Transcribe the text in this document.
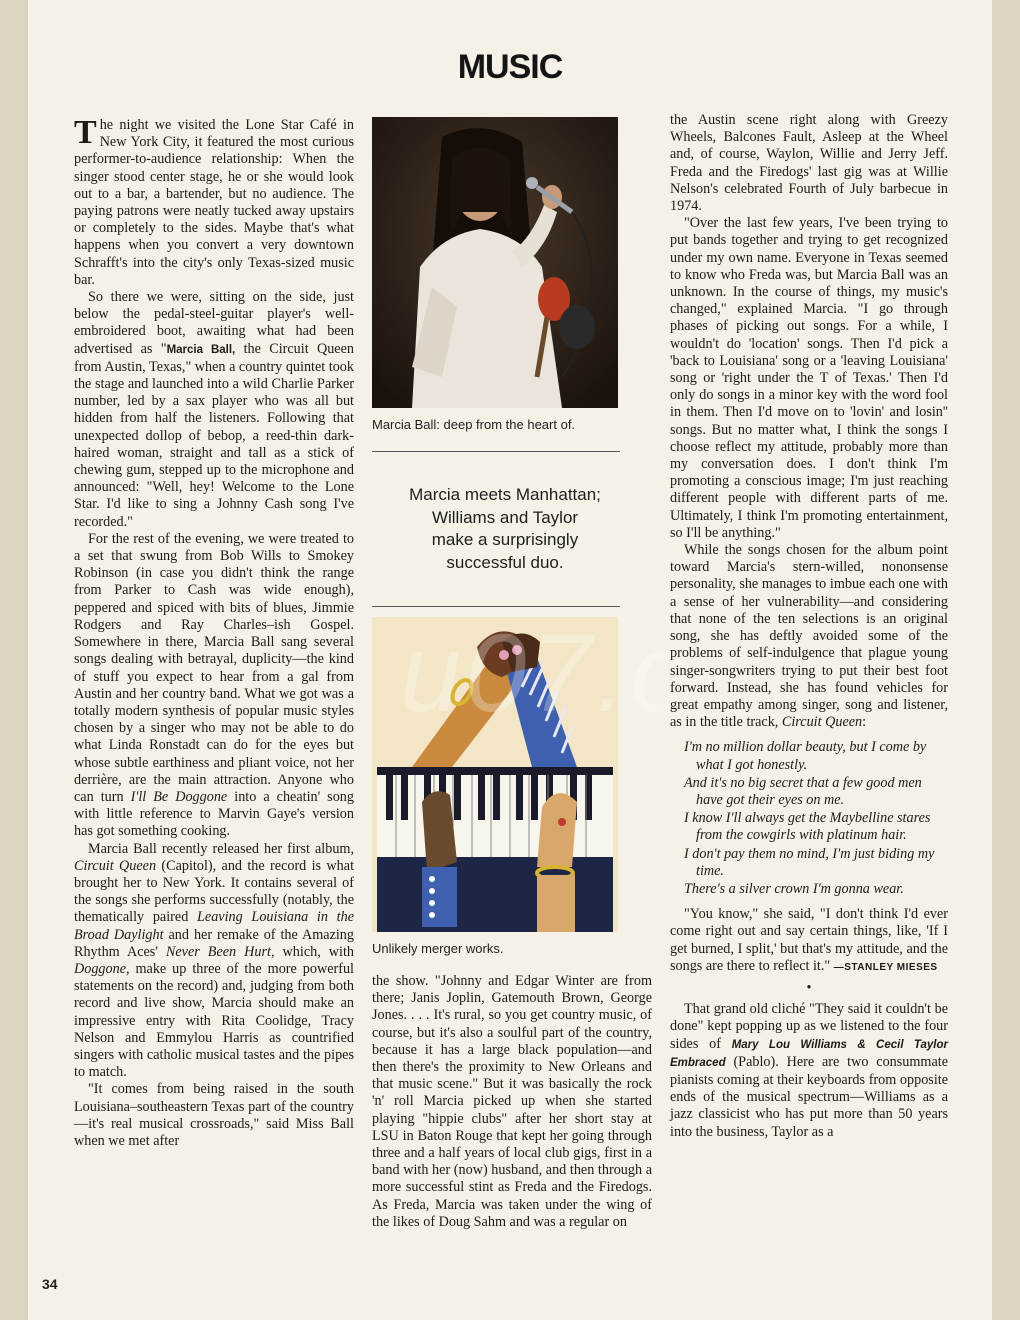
MUSIC

The night we visited the Lone Star Café in New York City, it featured the most curious performer-to-audience relationship: When the singer stood center stage, he or she would look out to a bar, a bartender, but no audience. The paying patrons were neatly tucked away upstairs or completely to the sides. Maybe that's what happens when you convert a very downtown Schrafft's into the city's only Texas-sized music bar.

So there we were, sitting on the side, just below the pedal-steel-guitar player's well-embroidered boot, awaiting what had been advertised as "Marcia Ball, the Circuit Queen from Austin, Texas," when a country quintet took the stage and launched into a wild Charlie Parker number, led by a sax player who was all but hidden from half the listeners. Following that unexpected dollop of bebop, a reed-thin dark-haired woman, straight and tall as a stick of chewing gum, stepped up to the microphone and announced: "Well, hey! Welcome to the Lone Star. I'd like to sing a Johnny Cash song I've recorded."

For the rest of the evening, we were treated to a set that swung from Bob Wills to Smokey Robinson (in case you didn't think the range from Parker to Cash was wide enough), peppered and spiced with bits of blues, Jimmie Rodgers and Ray Charles–ish Gospel. Somewhere in there, Marcia Ball sang several songs dealing with betrayal, duplicity—the kind of stuff you expect to hear from a gal from Austin and her country band. What we got was a totally modern synthesis of popular music styles chosen by a singer who may not be able to do what Linda Ronstadt can do for the eyes but whose subtle earthiness and pliant voice, not her derrière, are the main attraction. Anyone who can turn I'll Be Doggone into a cheatin' song with little reference to Marvin Gaye's version has got something cooking.

Marcia Ball recently released her first album, Circuit Queen (Capitol), and the record is what brought her to New York. It contains several of the songs she performs successfully (notably, the thematically paired Leaving Louisiana in the Broad Daylight and her remake of the Amazing Rhythm Aces' Never Been Hurt, which, with Doggone, make up three of the more powerful statements on the record) and, judging from both record and live show, Marcia should make an impressive entry with Rita Coolidge, Tracy Nelson and Emmylou Harris as countrified singers with catholic musical tastes and the pipes to match.

"It comes from being raised in the south Louisiana–southeastern Texas part of the country—it's real musical crossroads," said Miss Ball when we met after

Marcia Ball: deep from the heart of.
Marcia meets Manhattan;
Williams and Taylor
make a surprisingly
successful duo.
Unlikely merger works.
u07.c

the show. "Johnny and Edgar Winter are from there; Janis Joplin, Gatemouth Brown, George Jones. . . . It's rural, so you get country music, of course, but it's also a soulful part of the country, because it has a large black population—and then there's the proximity to New Orleans and that music scene." But it was basically the rock 'n' roll Marcia picked up when she started playing "hippie clubs" after her short stay at LSU in Baton Rouge that kept her going through three and a half years of local club gigs, first in a band with her (now) husband, and then through a more successful stint as Freda and the Firedogs. As Freda, Marcia was taken under the wing of the likes of Doug Sahm and was a regular on

the Austin scene right along with Greezy Wheels, Balcones Fault, Asleep at the Wheel and, of course, Waylon, Willie and Jerry Jeff. Freda and the Firedogs' last gig was at Willie Nelson's celebrated Fourth of July barbecue in 1974.

"Over the last few years, I've been trying to put bands together and trying to get recognized under my own name. Everyone in Texas seemed to know who Freda was, but Marcia Ball was an unknown. In the course of things, my music's changed," explained Marcia. "I go through phases of picking out songs. For a while, I wouldn't do 'location' songs. Then I'd pick a 'back to Louisiana' song or a 'leaving Louisiana' song or 'right under the T of Texas.' Then I'd only do songs in a minor key with the word fool in them. Then I'd move on to 'lovin' and losin'' songs. But no matter what, I think the songs I choose reflect my attitude, probably more than my conversation does. I don't think I'm promoting a conscious image; I'm just reaching different people with different parts of me. Ultimately, I think I'm promoting entertainment, so I'll be anything."

While the songs chosen for the album point toward Marcia's stern-willed, nononsense personality, she manages to imbue each one with a sense of her vulnerability—and considering that none of the ten selections is an original song, she has deftly avoided some of the problems of self-indulgence that plague young singer-songwriters trying to put their best foot forward. Instead, she has found vehicles for great empathy among singer, song and listener, as in the title track, Circuit Queen:

I'm no million dollar beauty, but I come by what I got honestly.
And it's no big secret that a few good men have got their eyes on me.
I know I'll always get the Maybelline stares from the cowgirls with platinum hair.
I don't pay them no mind, I'm just biding my time.
There's a silver crown I'm gonna wear.

"You know," she said, "I don't think I'd ever come right out and say certain things, like, 'If I get burned, I split,' but that's my attitude, and the songs are there to reflect it." —STANLEY MIESES

•

That grand old cliché "They said it couldn't be done" kept popping up as we listened to the four sides of Mary Lou Williams & Cecil Taylor Embraced (Pablo). Here are two consummate pianists coming at their keyboards from opposite ends of the musical spectrum—Williams as a jazz classicist who has put more than 50 years into the business, Taylor as a

34
